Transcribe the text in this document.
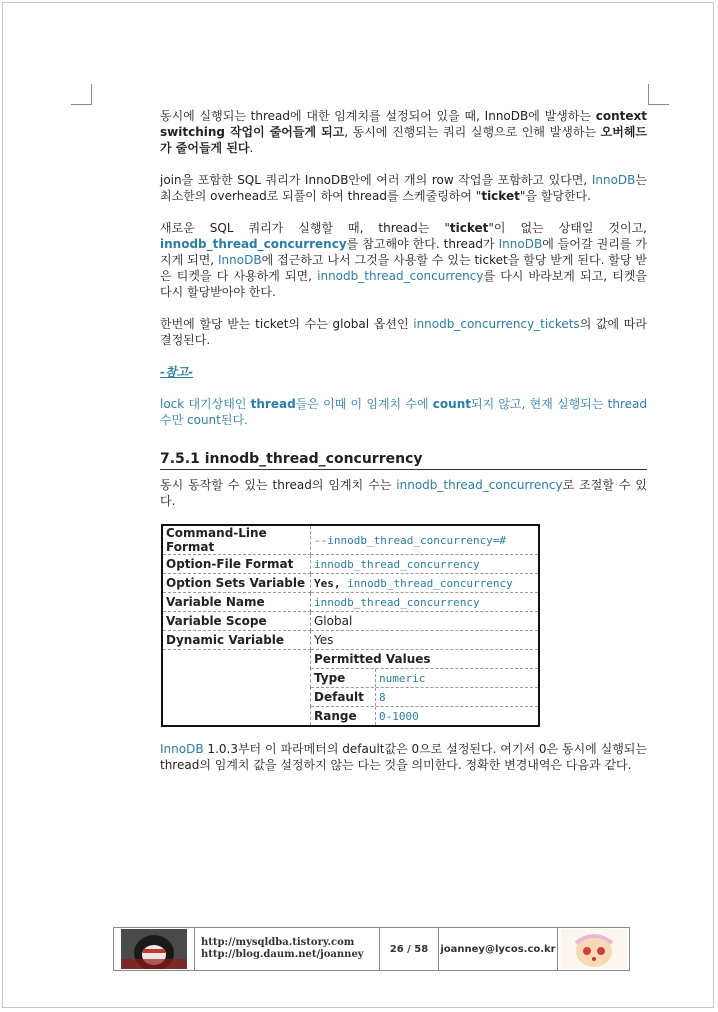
동시에 실행되는 thread에 대한 임계치를 설정되어 있을 때, InnoDB에 발생하는 context switching 작업이 줄어들게 되고, 동시에 진행되는 쿼리 실행으로 인해 발생하는 오버헤드가 줄어들게 된다.

join을 포함한 SQL 쿼리가 InnoDB안에 여러 개의 row 작업을 포함하고 있다면, InnoDB는 최소한의 overhead로 되풀이 하여 thread를 스케줄링하여 "ticket"을 할당한다.

새로운 SQL 쿼리가 실행할 때, thread는 "ticket"이 없는 상태일 것이고, innodb_thread_concurrency를 참고해야 한다. thread가 InnoDB에 들어갈 권리를 가지게 되면, InnoDB에 접근하고 나서 그것을 사용할 수 있는 ticket을 할당 받게 된다. 할당 받은 티켓을 다 사용하게 되면, innodb_thread_concurrency를 다시 바라보게 되고, 티켓을 다시 할당받아야 한다.

한번에 할당 받는 ticket의 수는 global 옵션인 innodb_concurrency_tickets의 값에 따라 결정된다.

-참고-

lock 대기상태인 thread들은 이때 이 임계치 수에 count되지 않고, 현재 실행되는 thread수만 count된다.

7.5.1 innodb_thread_concurrency

동시 동작할 수 있는 thread의 임계치 수는 innodb_thread_concurrency로 조절할 수 있다.

Command-Line Format	--innodb_thread_concurrency=#
Option-File Format	innodb_thread_concurrency
Option Sets Variable	Yes, innodb_thread_concurrency
Variable Name	innodb_thread_concurrency
Variable Scope	Global
Dynamic Variable	Yes
	Permitted Values

Type	numeric

Default	8

Range	0-1000

InnoDB 1.0.3부터 이 파라메터의 default값은 0으로 설정된다. 여기서 0은 동시에 실행되는 thread의 임계치 값을 설정하지 않는 다는 것을 의미한다. 정확한 변경내역은 다음과 같다.

http://mysqldba.tistory.com
http://blog.daum.net/joanney	26 / 58	joanney@lycos.co.kr
